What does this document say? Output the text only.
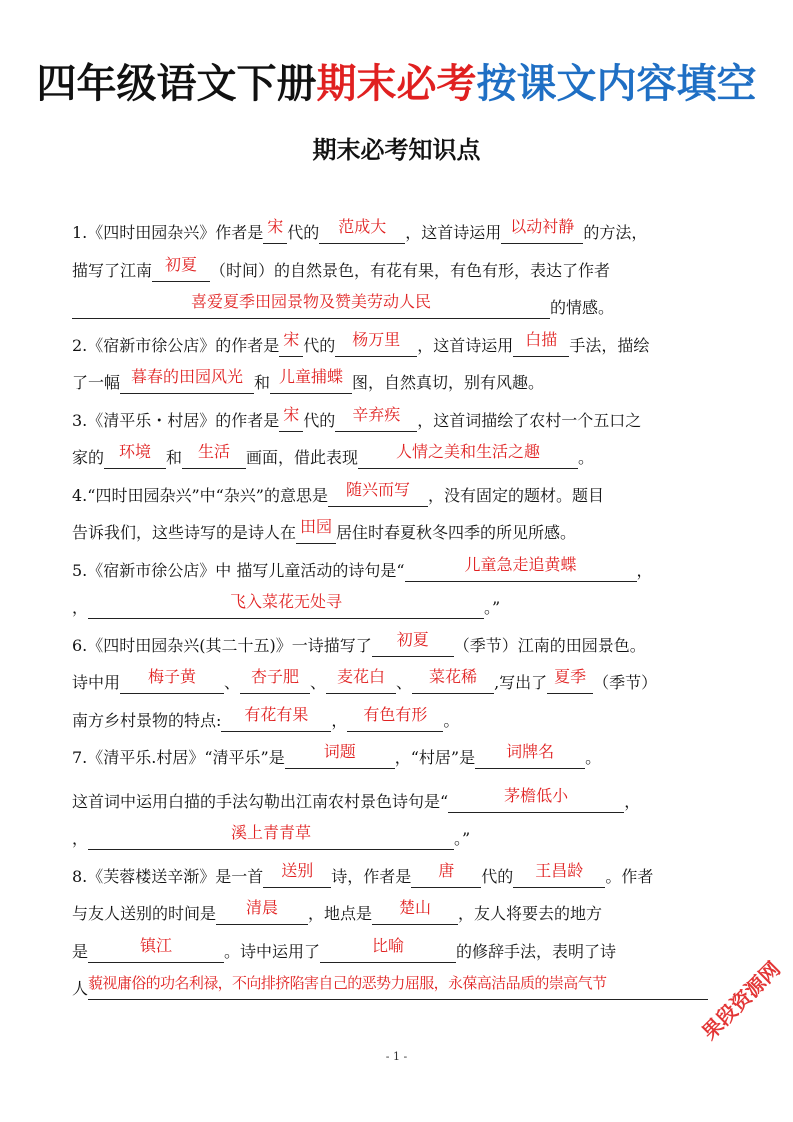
四年级语文下册期末必考按课文内容填空
期末必考知识点
1.《四时田园杂兴》作者是 宋 代的 范成大 ，这首诗运用 以动衬静 的方法，
描写了江南 初夏 （时间）的自然景色，有花有果，有色有形，表达了作者
喜爱夏季田园景物及赞美劳动人民	的情感。
2.《宿新市徐公店》的作者是 宋 代的 杨万里 ，这首诗运用 白描 手法，描绘
了一幅 暮春的田园风光 和 儿童捕蝶 图，自然真切，别有风趣。
3.《清平乐・村居》的作者是 宋 代的 辛弃疾 ，这首词描绘了农村一个五口之
家的 环境 和 生活 画面，借此表现 人情之美和生活之趣 。
4.“四时田园杂兴”中“杂兴”的意思是 随兴而写 ，没有固定的题材。题目
告诉我们，这些诗写的是诗人在 田园 居住时春夏秋冬四季的所见所感。
5.《宿新市徐公店》中 描写儿童活动的诗句是“	儿童急走追黄蝶	，
，	飞入菜花无处寻	。”
6.《四时田园杂兴(其二十五)》一诗描写了 初夏 （季节）江南的田园景色。
诗中用 梅子黄 、 杏子肥 、 麦花白 、 菜花稀 ,写出了 夏季 （季节）
南方乡村景物的特点: 有花有果 ， 有色有形 。
7.《清平乐.村居》“清平乐”是 词题 ，“村居”是 词牌名 。
这首词中运用白描的手法勾勒出江南农村景色诗句是“	茅檐低小	，
，	溪上青青草	。”
8.《芙蓉楼送辛渐》是一首 送别 诗，作者是 唐 代的 王昌龄 。作者
与友人送别的时间是 清晨 ，地点是 楚山 ，友人将要去的地方
是	镇江	。诗中运用了	比喻	的修辞手法，表明了诗
人藐视庸俗的功名利禄，不向排挤陷害自己的恶势力屈服，永葆高洁品质的崇高气节
- 1 -
果段资源网
